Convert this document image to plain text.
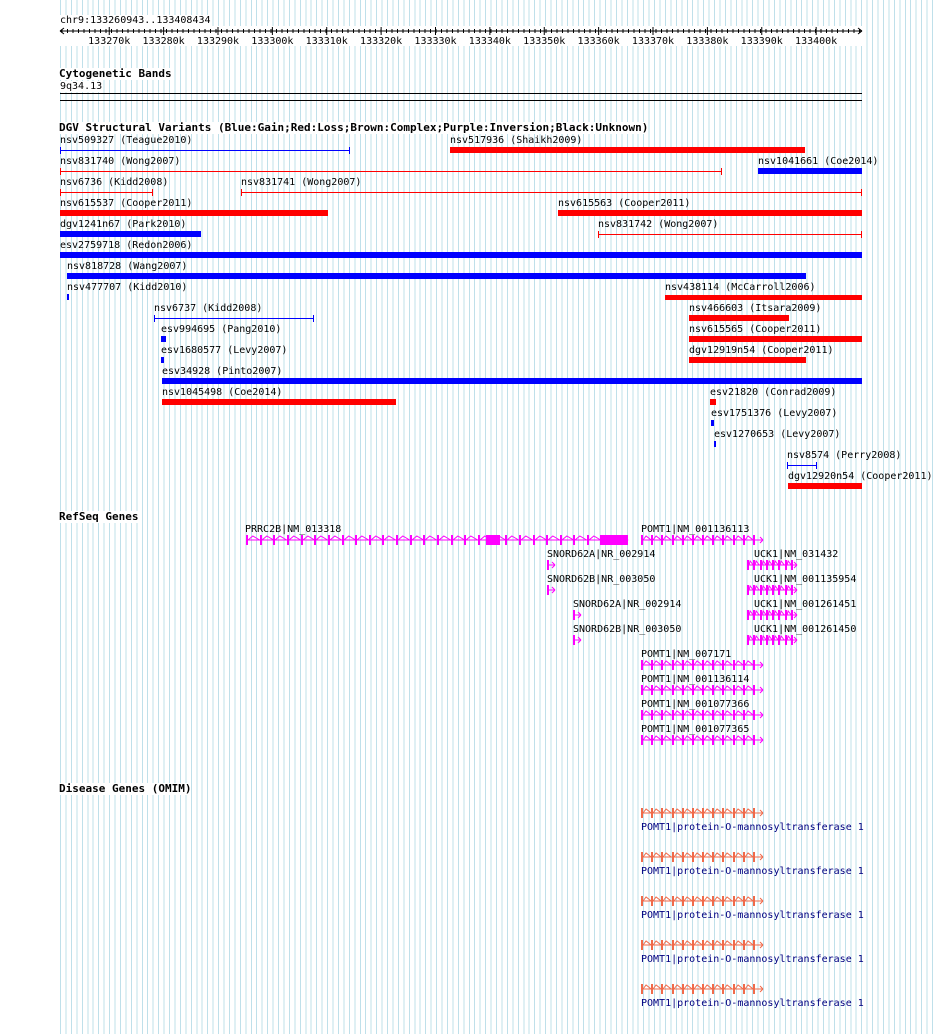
chr9:133260943..133408434
133270k 133280k 133290k 133300k 133310k 133320k 133330k 133340k 133350k 133360k 133370k 133380k 133390k 133400k
Cytogenetic Bands
9q34.13
DGV Structural Variants (Blue:Gain;Red:Loss;Brown:Complex;Purple:Inversion;Black:Unknown)
nsv509327 (Teague2010)	nsv517936 (Shaikh2009)
nsv831740 (Wong2007)	nsv1041661 (Coe2014)
nsv6736 (Kidd2008)	nsv831741 (Wong2007)
nsv615537 (Cooper2011)	nsv615563 (Cooper2011)
dgv1241n67 (Park2010)	nsv831742 (Wong2007)
esv2759718 (Redon2006)
nsv818728 (Wang2007)
nsv477707 (Kidd2010)	nsv438114 (McCarroll2006)
nsv6737 (Kidd2008)	nsv466603 (Itsara2009)
esv994695 (Pang2010)	nsv615565 (Cooper2011)
esv1680577 (Levy2007)	dgv12919n54 (Cooper2011)
esv34928 (Pinto2007)
nsv1045498 (Coe2014)	esv21820 (Conrad2009)
esv1751376 (Levy2007)
esv1270653 (Levy2007)
nsv8574 (Perry2008)
dgv12920n54 (Cooper2011)
RefSeq Genes
PRRC2B|NM_013318	POMT1|NM_001136113
SNORD62A|NR_002914	UCK1|NM_031432
SNORD62B|NR_003050	UCK1|NM_001135954
SNORD62A|NR_002914	UCK1|NM_001261451
SNORD62B|NR_003050	UCK1|NM_001261450
POMT1|NM_007171
POMT1|NM_001136114
POMT1|NM_001077366
POMT1|NM_001077365
Disease Genes (OMIM)
POMT1|protein-O-mannosyltransferase 1
POMT1|protein-O-mannosyltransferase 1
POMT1|protein-O-mannosyltransferase 1
POMT1|protein-O-mannosyltransferase 1
POMT1|protein-O-mannosyltransferase 1
